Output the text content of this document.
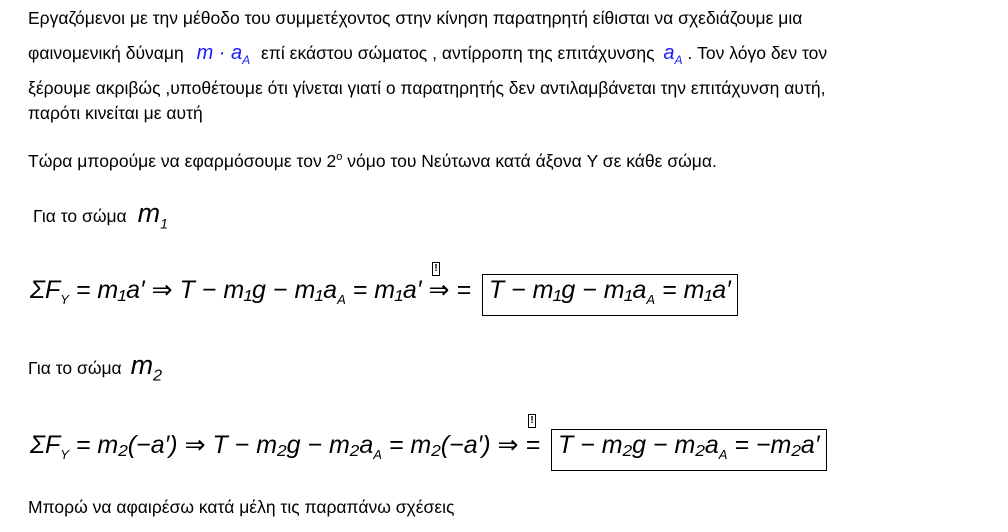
Εργαζόμενοι με την μέθοδο του συμμετέχοντος στην κίνηση παρατηρητή είθισται να σχεδιάζουμε μια
φαινομενική δύναμη $m \cdot a_A$ επί εκάστου σώματος , αντίρροπη της επιτάχυνσης $a_A$ . Τον λόγο δεν τον
ξέρουμε ακριβώς ,υποθέτουμε ότι γίνεται γιατί ο παρατηρητής δεν αντιλαμβάνεται την επιτάχυνση αυτή,
παρότι κινείται με αυτή
Τώρα μπορούμε να εφαρμόσουμε τον $2^o$ νόμο του Νεύτωνα κατά άξονα Y σε κάθε σώμα.
Για το σώμα $m_1$
$\Sigma F_Y = m_1a'$ ⇒ $T - m_1g - m_1a_A = m_1a'$ ⇒ = $T - m_1g - m_1a_A = m_1a'$
!
Για το σώμα $m_2$
$\Sigma F_Y = m_2(-a')$ ⇒ $T - m_2g - m_2a_A = m_2(-a')$ ⇒ = $T - m_2g - m_2a_A = -m_2a'$
!
Μπορώ να αφαιρέσω κατά μέλη τις παραπάνω σχέσεις
